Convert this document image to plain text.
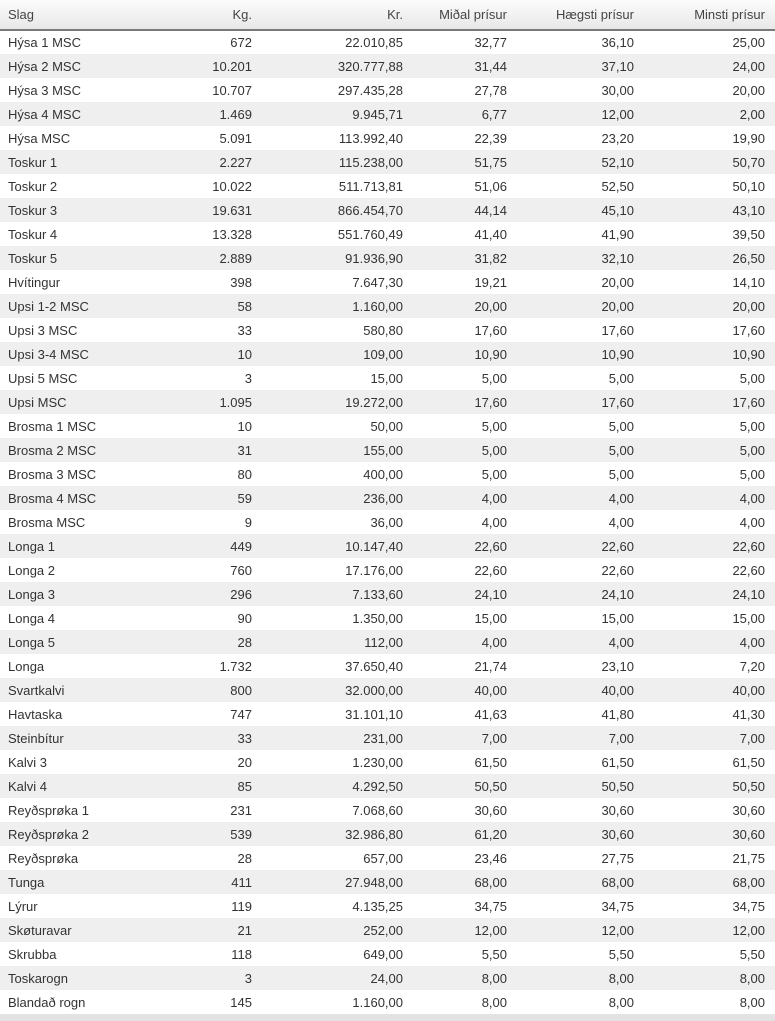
Slag	Kg.	Kr.	Miðal prísur	Hægsti prísur	Minsti prísur
Hýsa 1 MSC	672	22.010,85	32,77	36,10	25,00
Hýsa 2 MSC	10.201	320.777,88	31,44	37,10	24,00
Hýsa 3 MSC	10.707	297.435,28	27,78	30,00	20,00
Hýsa 4 MSC	1.469	9.945,71	6,77	12,00	2,00
Hýsa MSC	5.091	113.992,40	22,39	23,20	19,90
Toskur 1	2.227	115.238,00	51,75	52,10	50,70
Toskur 2	10.022	511.713,81	51,06	52,50	50,10
Toskur 3	19.631	866.454,70	44,14	45,10	43,10
Toskur 4	13.328	551.760,49	41,40	41,90	39,50
Toskur 5	2.889	91.936,90	31,82	32,10	26,50
Hvítingur	398	7.647,30	19,21	20,00	14,10
Upsi 1-2 MSC	58	1.160,00	20,00	20,00	20,00
Upsi 3 MSC	33	580,80	17,60	17,60	17,60
Upsi 3-4 MSC	10	109,00	10,90	10,90	10,90
Upsi 5 MSC	3	15,00	5,00	5,00	5,00
Upsi MSC	1.095	19.272,00	17,60	17,60	17,60
Brosma 1 MSC	10	50,00	5,00	5,00	5,00
Brosma 2 MSC	31	155,00	5,00	5,00	5,00
Brosma 3 MSC	80	400,00	5,00	5,00	5,00
Brosma 4 MSC	59	236,00	4,00	4,00	4,00
Brosma MSC	9	36,00	4,00	4,00	4,00
Longa 1	449	10.147,40	22,60	22,60	22,60
Longa 2	760	17.176,00	22,60	22,60	22,60
Longa 3	296	7.133,60	24,10	24,10	24,10
Longa 4	90	1.350,00	15,00	15,00	15,00
Longa 5	28	112,00	4,00	4,00	4,00
Longa	1.732	37.650,40	21,74	23,10	7,20
Svartkalvi	800	32.000,00	40,00	40,00	40,00
Havtaska	747	31.101,10	41,63	41,80	41,30
Steinbítur	33	231,00	7,00	7,00	7,00
Kalvi 3	20	1.230,00	61,50	61,50	61,50
Kalvi 4	85	4.292,50	50,50	50,50	50,50
Reyðsprøka 1	231	7.068,60	30,60	30,60	30,60
Reyðsprøka 2	539	32.986,80	61,20	30,60	30,60
Reyðsprøka	28	657,00	23,46	27,75	21,75
Tunga	411	27.948,00	68,00	68,00	68,00
Lýrur	119	4.135,25	34,75	34,75	34,75
Skøturavar	21	252,00	12,00	12,00	12,00
Skrubba	118	649,00	5,50	5,50	5,50
Toskarogn	3	24,00	8,00	8,00	8,00
Blandað rogn	145	1.160,00	8,00	8,00	8,00
